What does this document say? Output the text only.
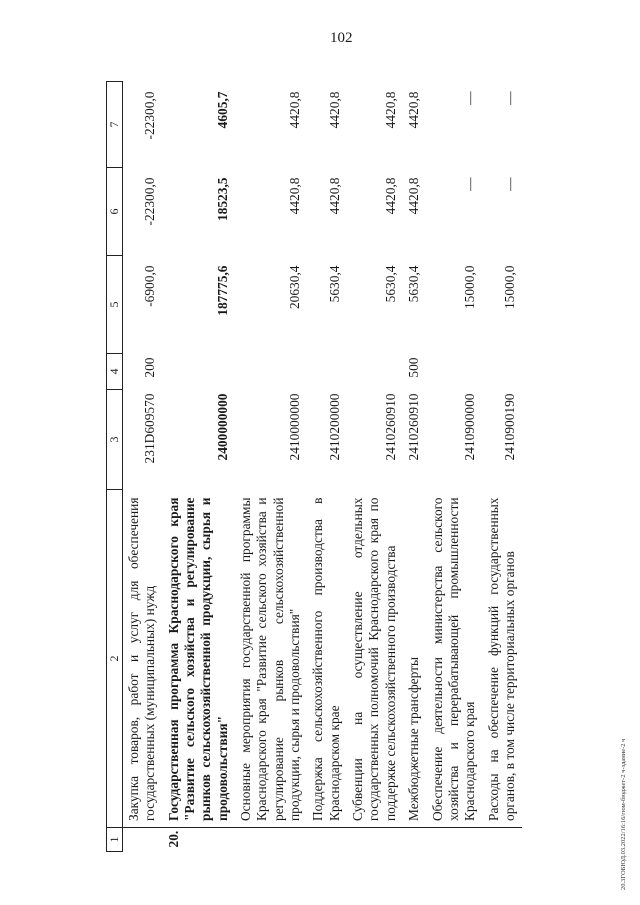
102
1	2	3	4	5	6	7
	Закупка товаров, работ и услуг для обеспечения государственных (муниципальных) нужд	231D609570	200	-6900,0	-22300,0	-22300,0
20.	Государственная программа Краснодарского края "Развитие сельского хозяйства и регулирование рынков сельскохозяйственной продукции, сырья и продовольствия"	2400000000		187775,6	18523,5	4605,7
	Основные мероприятия государственной программы Краснодарского края "Развитие сельского хозяйства и регулирование рынков сельскохозяйственной продукции, сырья и продовольствия"	2410000000		20630,4	4420,8	4420,8
	Поддержка сельскохозяйственного производства в Краснодарском крае	2410200000		5630,4	4420,8	4420,8
	Субвенции на осуществление отдельных государственных полномочий Краснодарского края по поддержке сельскохозяйственного производства	2410260910		5630,4	4420,8	4420,8
	Межбюджетные трансферты	2410260910	500	5630,4	4420,8	4420,8
	Обеспечение деятельности министерства сельского хозяйства и перерабатывающей промышленности Краснодарского края	2410900000		15000,0	—	—
	Расходы на обеспечение функций государственных органов, в том числе территориальных органов	2410900190		15000,0	—	—
20.3ГОБЮД.03.2022/16:16/гюм-бюджет-2 ч-здание-2 ч
